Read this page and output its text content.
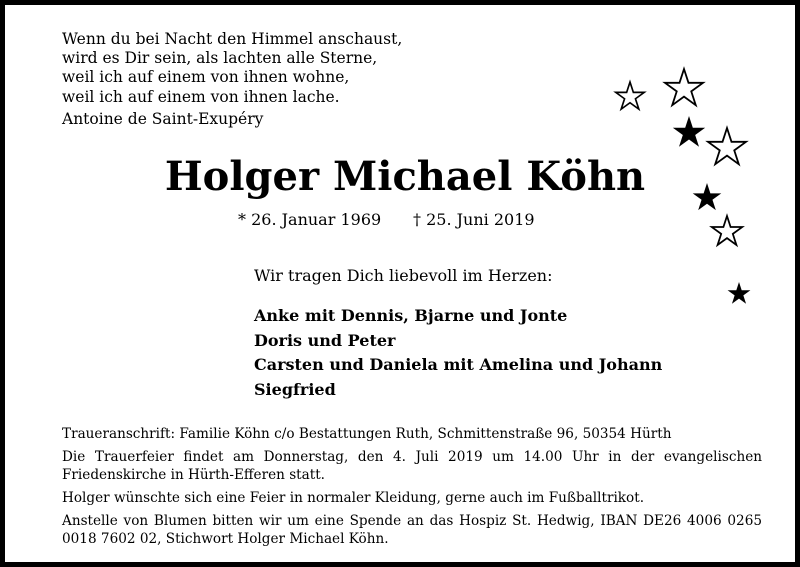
Wenn du bei Nacht den Himmel anschaust,
wird es Dir sein, als lachten alle Sterne,
weil ich auf einem von ihnen wohne,
weil ich auf einem von ihnen lache.
Antoine de Saint-Exupéry
Holger Michael Köhn
* 26. Januar 1969 † 25. Juni 2019
Wir tragen Dich liebevoll im Herzen:
Anke mit Dennis, Bjarne und Jonte
Doris und Peter
Carsten und Daniela mit Amelina und Johann
Siegfried

Traueranschrift: Familie Köhn c/o Bestattungen Ruth, Schmittenstraße 96, 50354 Hürth

Die Trauerfeier findet am Donnerstag, den 4. Juli 2019 um 14.00 Uhr in der evangelischen Friedenskirche in Hürth-Efferen statt.

Holger wünschte sich eine Feier in normaler Kleidung, gerne auch im Fußballtrikot.

Anstelle von Blumen bitten wir um eine Spende an das Hospiz St. Hedwig, IBAN DE26 4006 0265 0018 7602 02, Stichwort Holger Michael Köhn.
